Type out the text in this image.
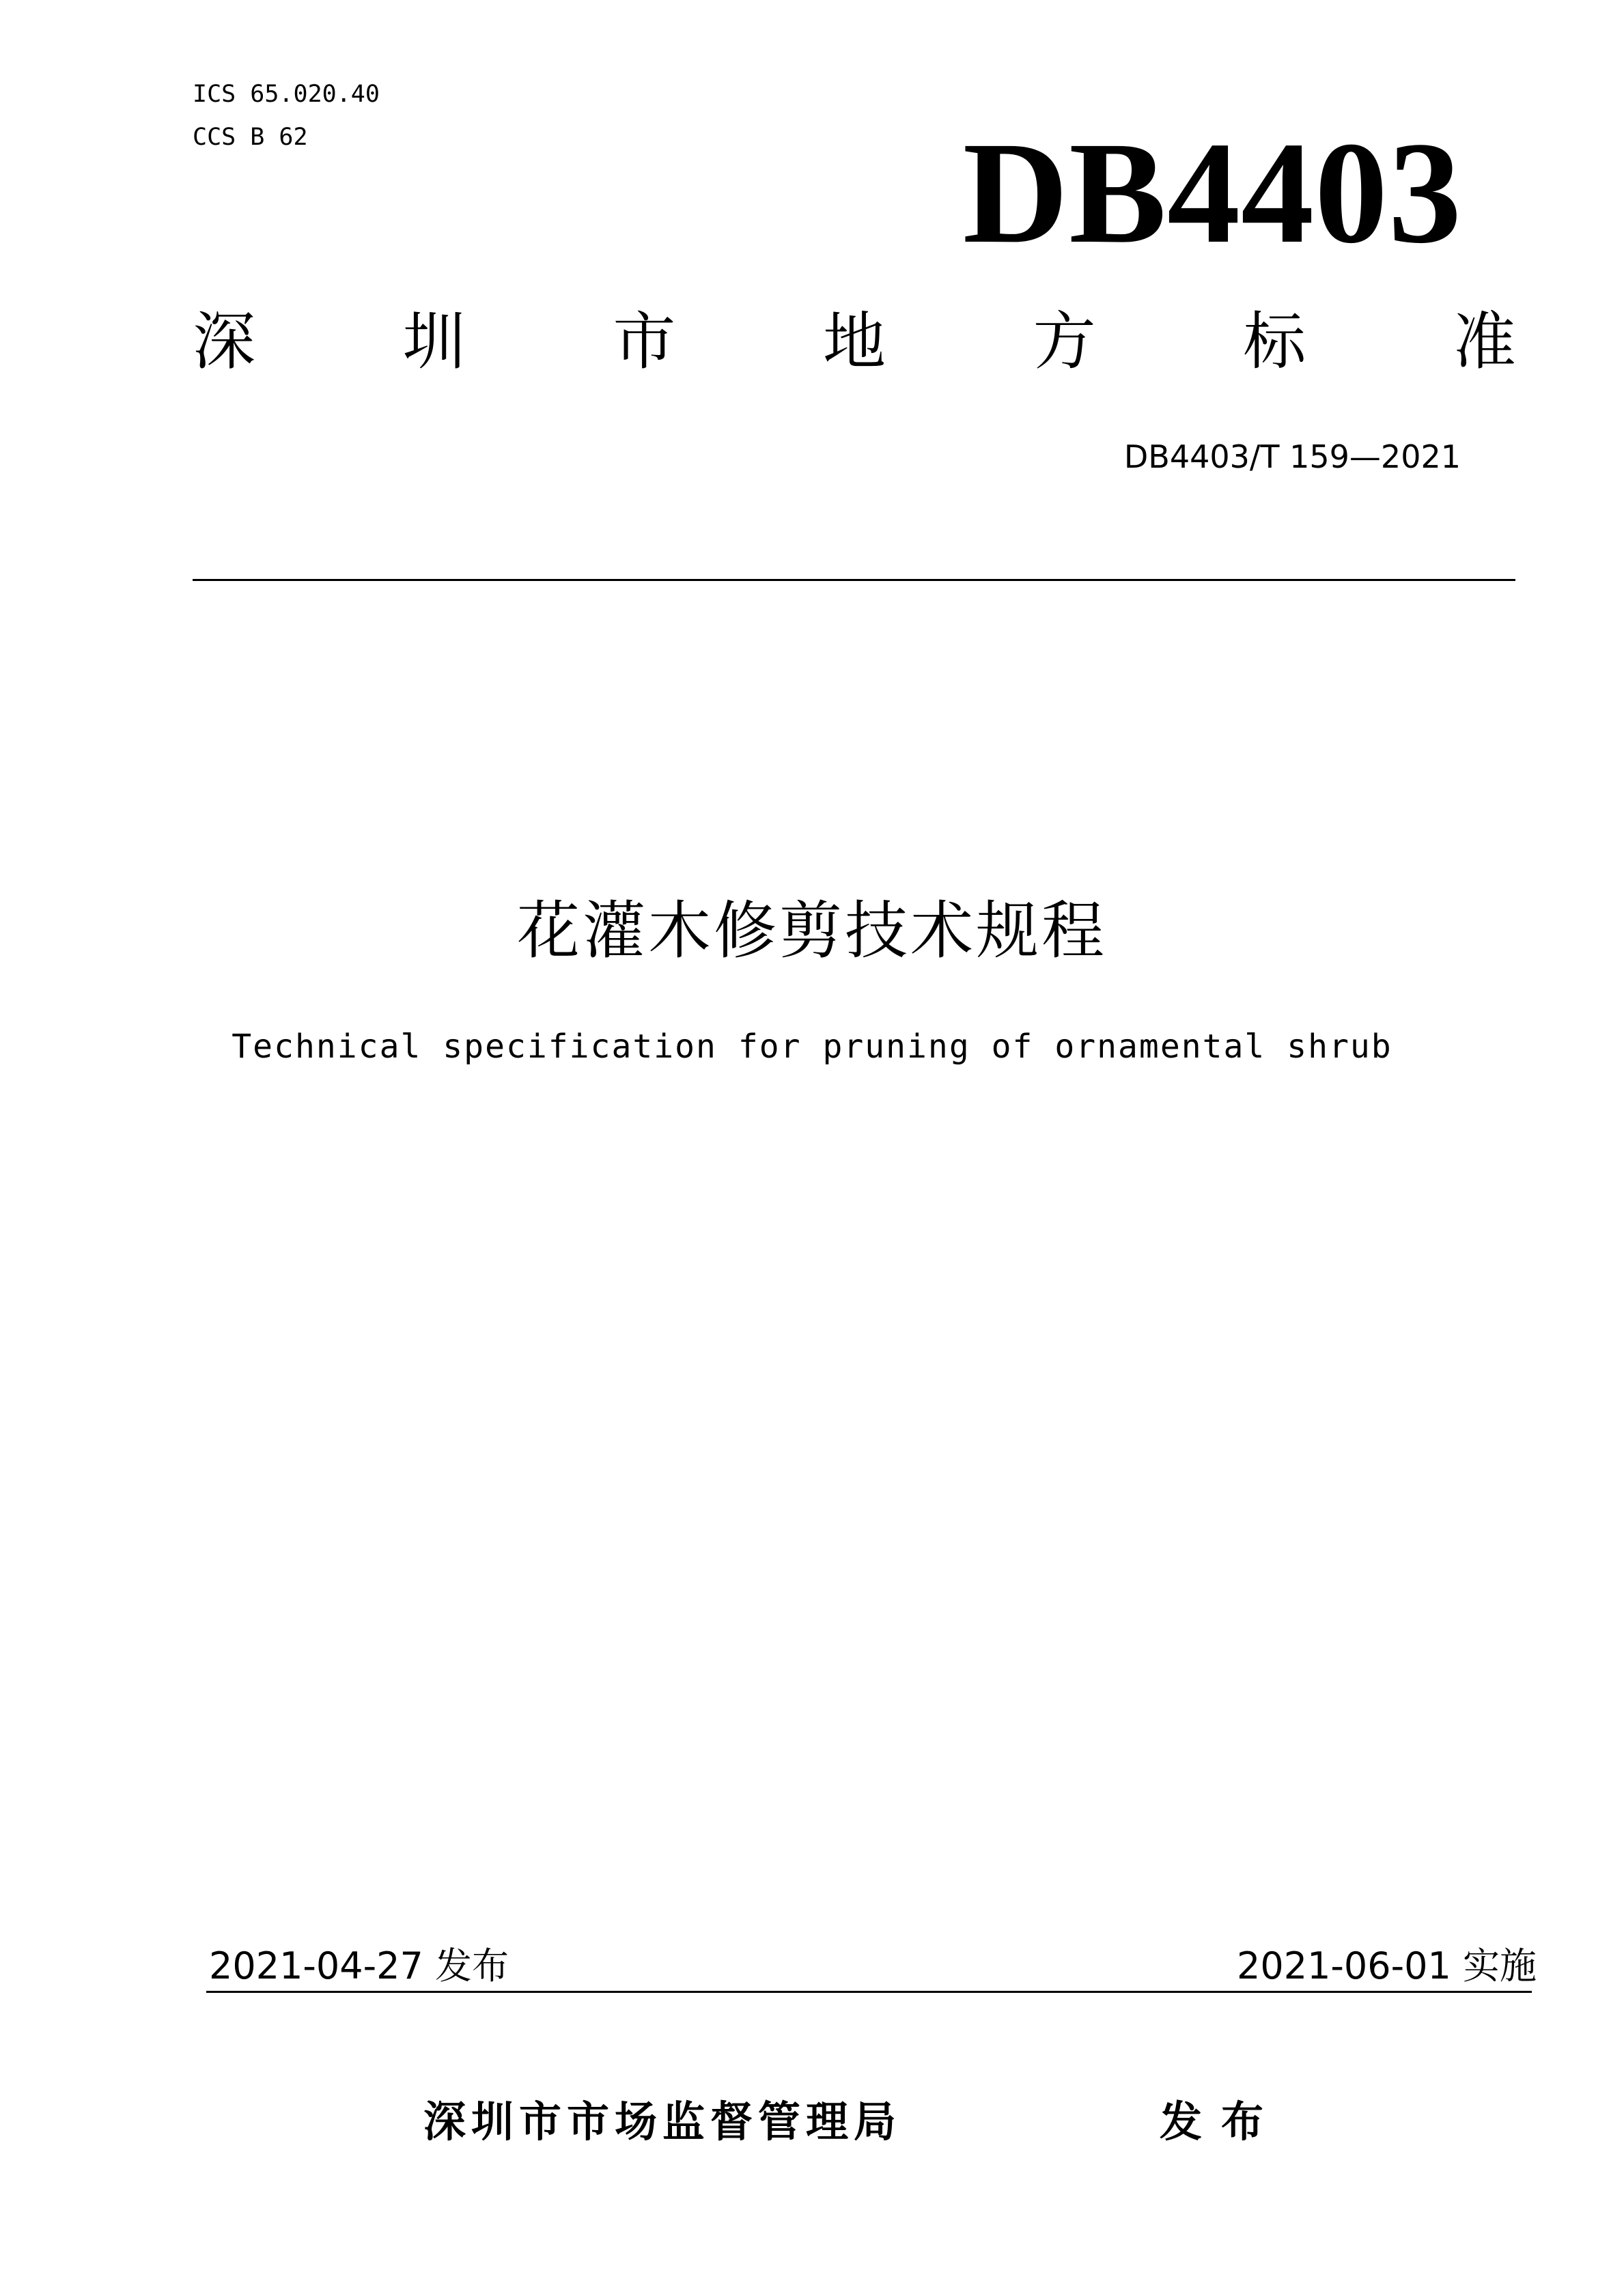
ICS 65.020.40
CCS B 62	DB4403
深 圳 市 地 方 标 准
DB4403/T 159—2021
花灌木修剪技术规程
Technical specification for pruning of ornamental shrub
2021-04-27 发布	2021-06-01 实施
深圳市市场监督管理局	发布
